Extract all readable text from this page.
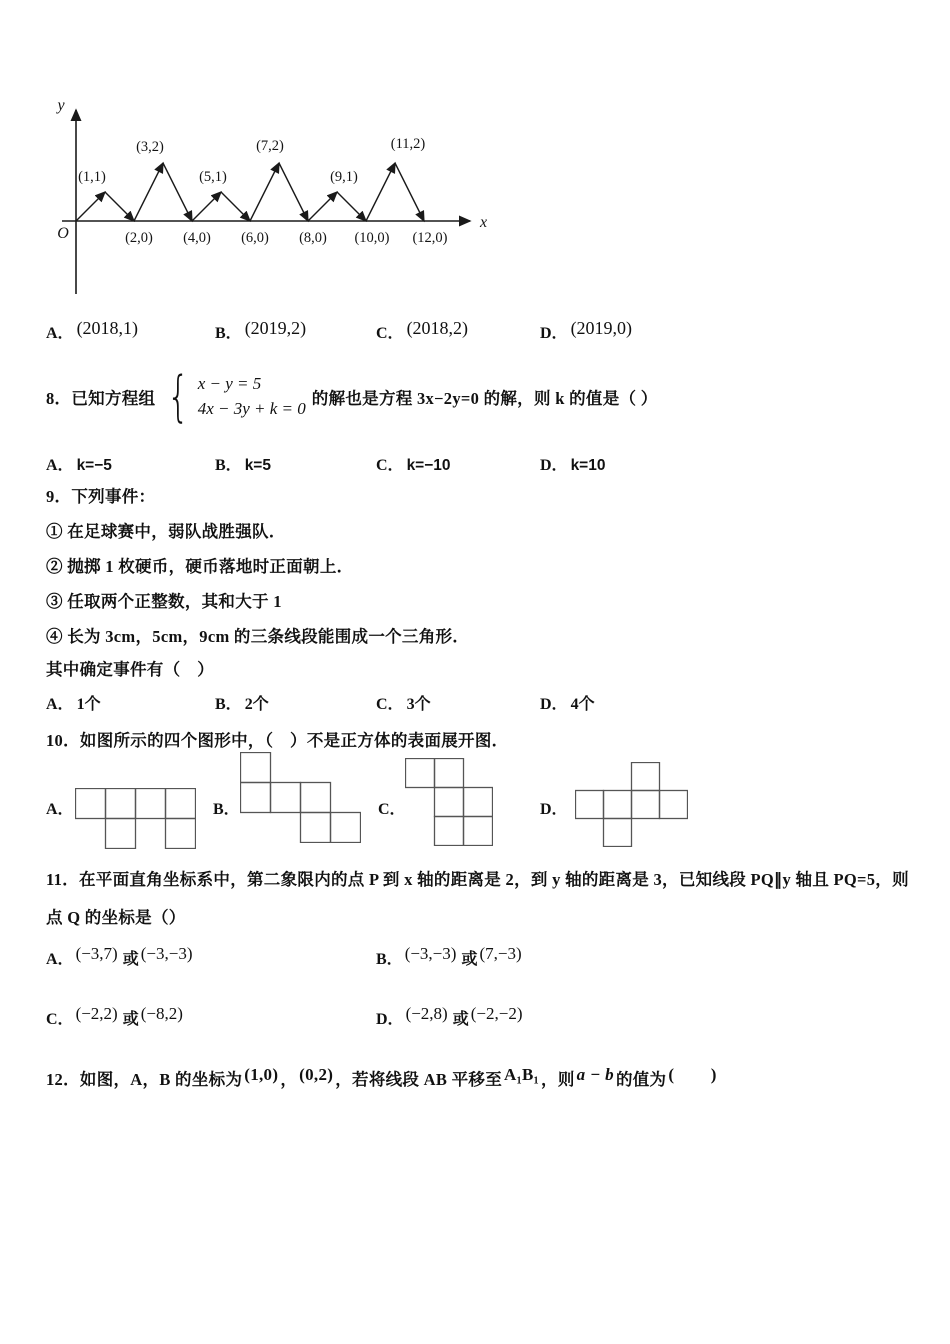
y
O
x
(1,1)
(3,2)
(5,1)
(7,2)
(9,1)
(11,2)
(2,0) (4,0) (6,0) (8,0) (10,0) (12,0)
A． (2018,1)	B． (2019,2)	C． (2018,2)	D． (2019,0)
8．已知方程组 { x − y = 5
4x − 3y + k = 0
的解也是方程 3x−2y=0 的解，则 k 的值是（ ）
A． k=−5	B． k=5	C． k=−10	D． k=10
9．下列事件：
① 在足球赛中，弱队战胜强队．
② 抛掷 1 枚硬币，硬币落地时正面朝上．
③ 任取两个正整数，其和大于 1
④ 长为 3cm，5cm，9cm 的三条线段能围成一个三角形．
其中确定事件有（　）
A． 1个	B． 2个	C． 3个	D． 4个
10．如图所示的四个图形中，（　）不是正方体的表面展开图．
A．	B．	C．	D．
11．在平面直角坐标系中，第二象限内的点 P 到 x 轴的距离是 2，到 y 轴的距离是 3，已知线段 PQ∥y 轴且 PQ=5，则
点 Q 的坐标是（）
A． (−3,7) 或 (−3,−3)	B． (−3,−3) 或 (7,−3)
C． (−2,2) 或 (−8,2)	D． (−2,8) 或 (−2,−2)
12．如图，A，B 的坐标为 (1,0) ， (0,2) ，若将线段 AB 平移至 A₁B₁ ，则 a − b 的值为 (        )
